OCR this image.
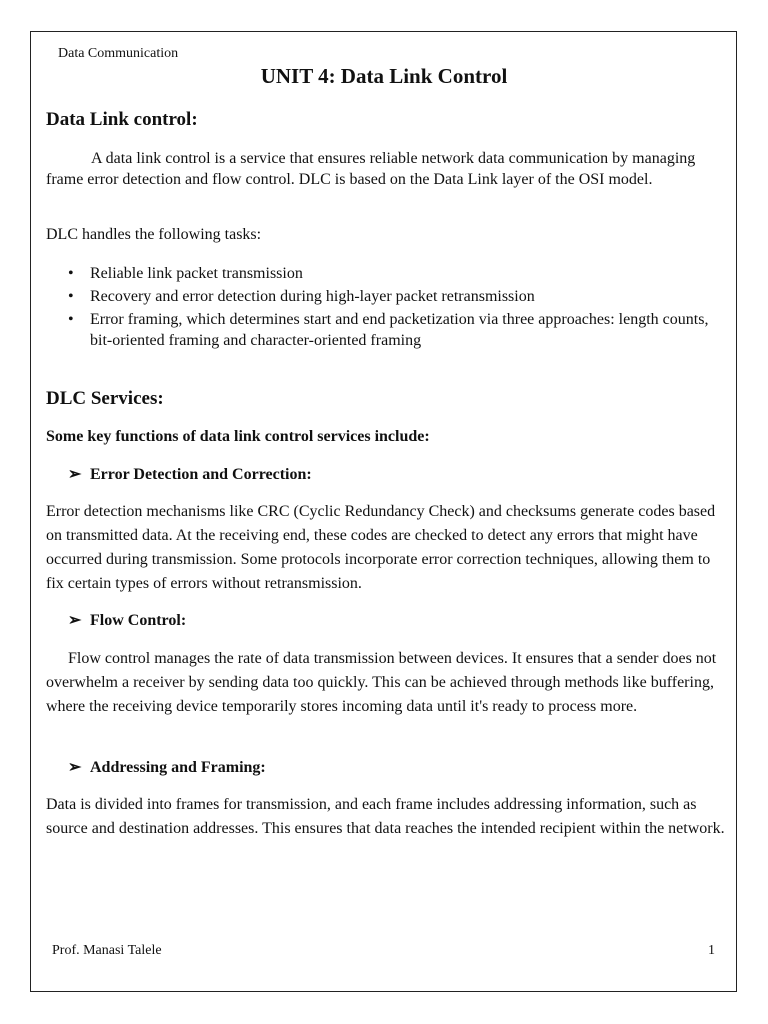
Data Communication

UNIT 4: Data Link Control
Data Link control:

A data link control is a service that ensures reliable network data communication by managing frame error detection and flow control. DLC is based on the Data Link layer of the OSI model.

DLC handles the following tasks:

• Reliable link packet transmission
• Recovery and error detection during high-layer packet retransmission
• Error framing, which determines start and end packetization via three approaches: length counts, bit-oriented framing and character-oriented framing
DLC Services:

Some key functions of data link control services include:

➢ Error Detection and Correction:

Error detection mechanisms like CRC (Cyclic Redundancy Check) and checksums generate codes based on transmitted data. At the receiving end, these codes are checked to detect any errors that might have occurred during transmission. Some protocols incorporate error correction techniques, allowing them to fix certain types of errors without retransmission.

➢ Flow Control:

Flow control manages the rate of data transmission between devices. It ensures that a sender does not overwhelm a receiver by sending data too quickly. This can be achieved through methods like buffering, where the receiving device temporarily stores incoming data until it's ready to process more.

➢ Addressing and Framing:

Data is divided into frames for transmission, and each frame includes addressing information, such as source and destination addresses. This ensures that data reaches the intended recipient within the network.

Prof. Manasi Talele	1
